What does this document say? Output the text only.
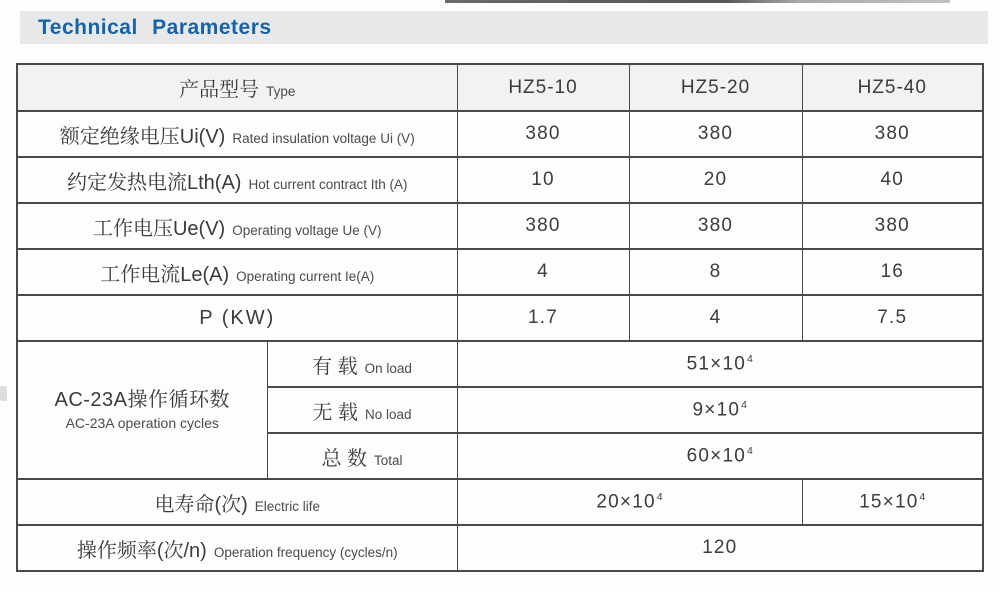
Technical Parameters
产品型号 Type		HZ5-10	HZ5-20	HZ5-40
额定绝缘电压Ui(V) Rated insulation voltage Ui (V)		380	380	380
约定发热电流Lth(A) Hot current contract Ith (A)		10	20	40
工作电压Ue(V) Operating voltage Ue (V)		380	380	380
工作电流Le(A) Operating current Ie(A)		4	8	16
P (KW)		1.7	4	7.5

AC-23A操作循环数
AC-23A operation cycles	有 载 On load	$51\times 10^4$
	无 载 No load	$9\times 10^4$
	总 数 Total	$60\times 10^4$
电寿命(次) Electric life		$20\times 10^4$		$15\times 10^4$
操作频率(次/n) Operation frequency (cycles/n)		120		
